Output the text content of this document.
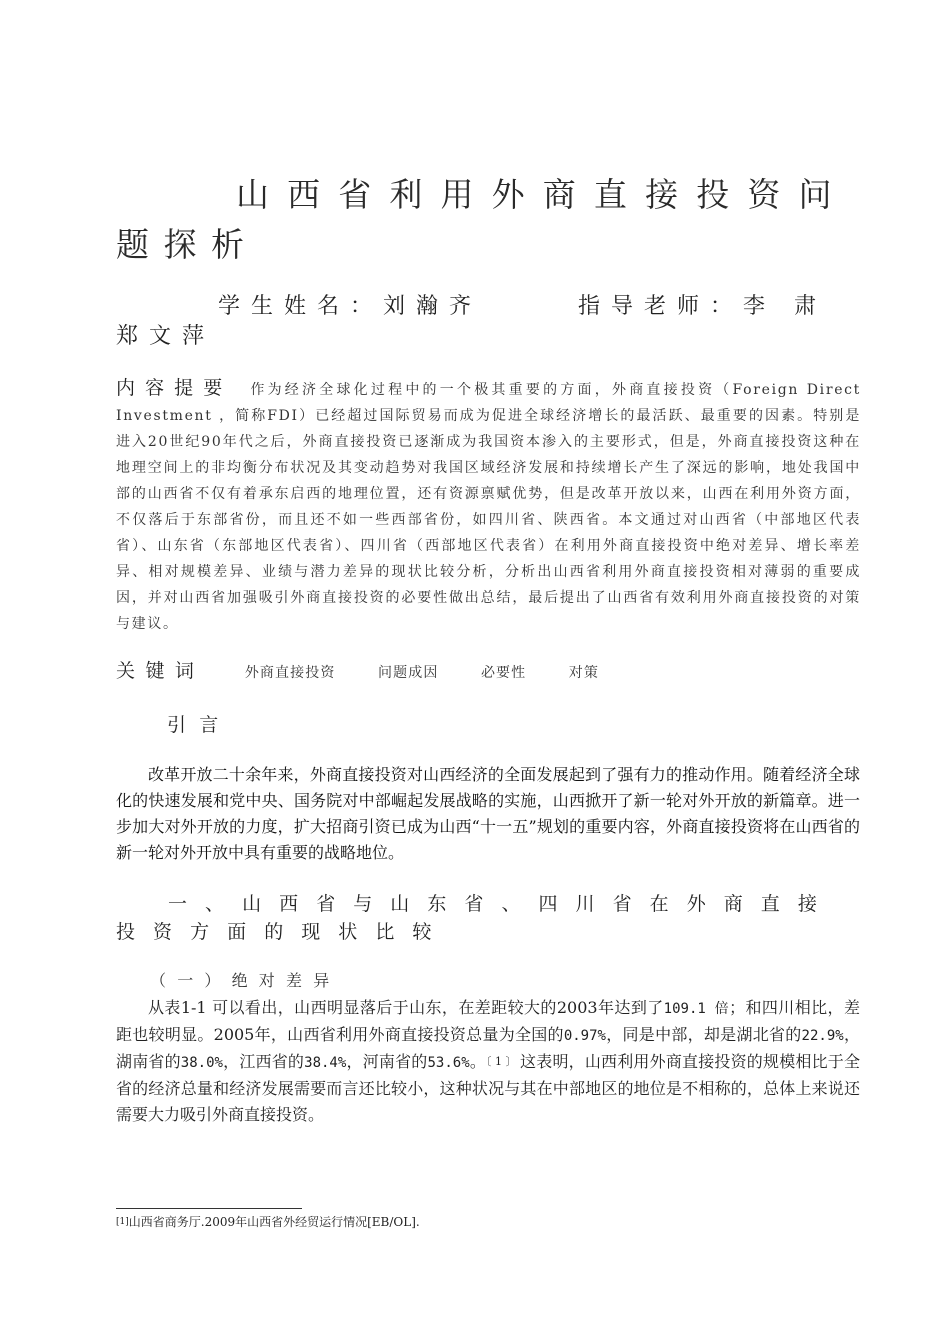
山西省利用外商直接投资问题探析
学生姓名：刘瀚齐	指导老师：李 肃 郑文萍
内容提要 作为经济全球化过程中的一个极其重要的方面，外商直接投资（Foreign Direct Investment ，简称FDI）已经超过国际贸易而成为促进全球经济增长的最活跃、最重要的因素。特别是进入20世纪90年代之后，外商直接投资已逐渐成为我国资本渗入的主要形式，但是，外商直接投资这种在地理空间上的非均衡分布状况及其变动趋势对我国区域经济发展和持续增长产生了深远的影响，地处我国中部的山西省不仅有着承东启西的地理位置，还有资源禀赋优势，但是改革开放以来，山西在利用外资方面，不仅落后于东部省份，而且还不如一些西部省份，如四川省、陕西省。本文通过对山西省（中部地区代表省）、山东省（东部地区代表省）、四川省（西部地区代表省）在利用外商直接投资中绝对差异、增长率差异、相对规模差异、业绩与潜力差异的现状比较分析，分析出山西省利用外商直接投资相对薄弱的重要成因，并对山西省加强吸引外商直接投资的必要性做出总结，最后提出了山西省有效利用外商直接投资的对策与建议。
关键词	外商直接投资	问题成因	必要性	对策
引言
改革开放二十余年来，外商直接投资对山西经济的全面发展起到了强有力的推动作用。随着经济全球化的快速发展和党中央、国务院对中部崛起发展战略的实施，山西掀开了新一轮对外开放的新篇章。进一步加大对外开放的力度，扩大招商引资已成为山西“十一五”规划的重要内容，外商直接投资将在山西省的新一轮对外开放中具有重要的战略地位。
一、山西省与山东省、四川省在外商直接投资方面的现状比较
（一）绝对差异
从表1-1 可以看出，山西明显落后于山东，在差距较大的2003年达到了109.1 倍；和四川相比，差距也较明显。2005年，山西省利用外商直接投资总量为全国的0.97%，同是中部，却是湖北省的22.9%，湖南省的38.0%，江西省的38.4%，河南省的53.6%。$^{〔1〕}$这表明，山西利用外商直接投资的规模相比于全省的经济总量和经济发展需要而言还比较小，这种状况与其在中部地区的地位是不相称的，总体上来说还需要大力吸引外商直接投资。
[1]山西省商务厅.2009年山西省外经贸运行情况[EB/OL].
